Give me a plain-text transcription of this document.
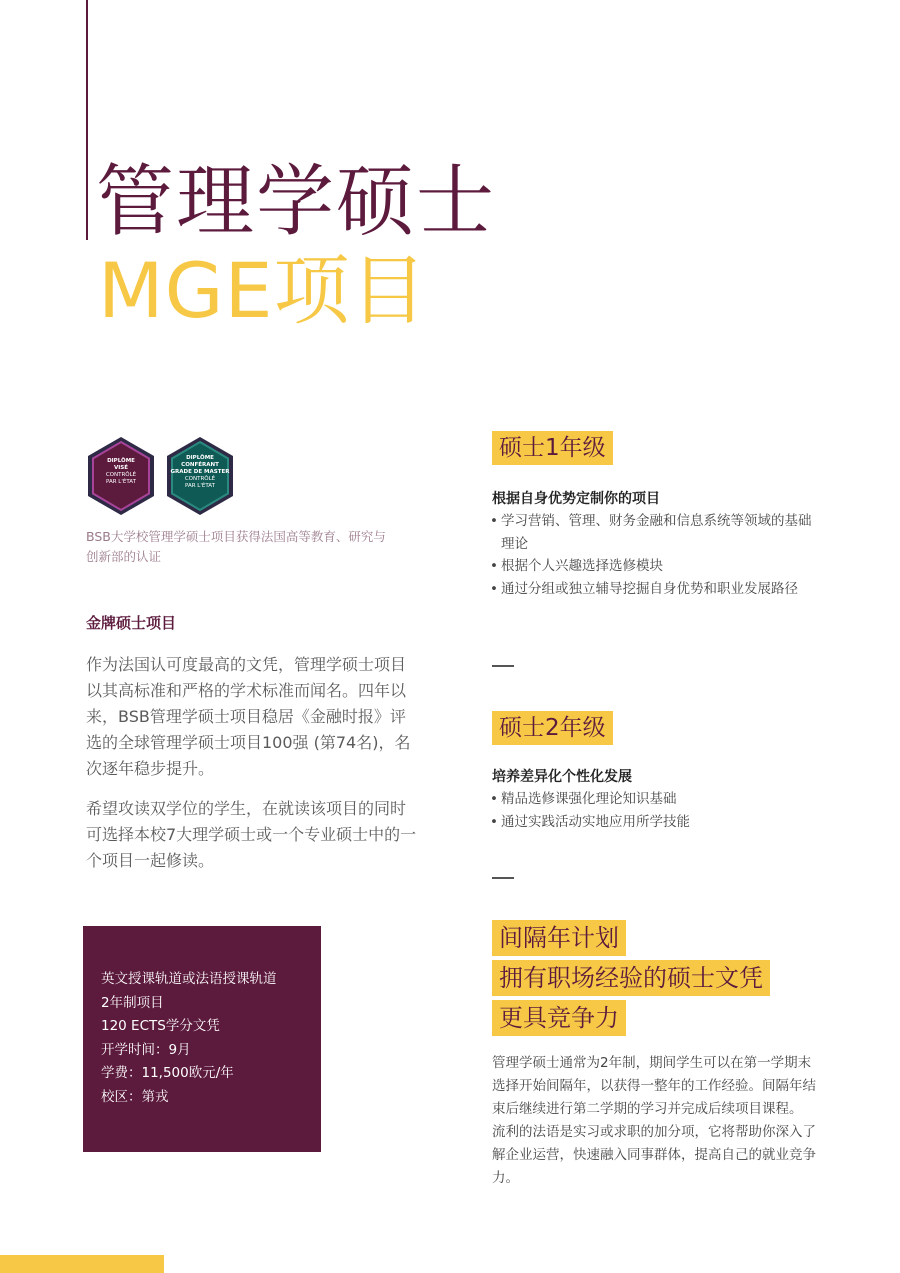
管理学硕士
MGE项目
DIPLÔME
VISÉ
CONTRÔLÉ
PAR L'ÉTAT
DIPLÔME
CONFÉRANT
GRADE DE MASTER
CONTRÔLÉ
PAR L'ÉTAT
BSB大学校管理学硕士项目获得法国高等教育、研究与创新部的认证
金牌硕士项目
作为法国认可度最高的文凭，管理学硕士项目以其高标准和严格的学术标准而闻名。四年以来，BSB管理学硕士项目稳居《金融时报》评选的全球管理学硕士项目100强 (第74名)，名次逐年稳步提升。
希望攻读双学位的学生，在就读该项目的同时可选择本校7大理学硕士或一个专业硕士中的一个项目一起修读。
英文授课轨道或法语授课轨道
2年制项目
120 ECTS学分文凭
开学时间：9月
学费：11,500欧元/年
校区：第戎
硕士1年级
根据自身优势定制你的项目
• 学习营销、管理、财务金融和信息系统等领域的基础理论
• 根据个人兴趣选择选修模块
• 通过分组或独立辅导挖掘自身优势和职业发展路径
硕士2年级
培养差异化个性化发展
• 精品选修课强化理论知识基础
• 通过实践活动实地应用所学技能
间隔年计划
拥有职场经验的硕士文凭
更具竞争力

管理学硕士通常为2年制，期间学生可以在第一学期末选择开始间隔年，以获得一整年的工作经验。间隔年结束后继续进行第二学期的学习并完成后续项目课程。

流利的法语是实习或求职的加分项，它将帮助你深入了解企业运营，快速融入同事群体，提高自己的就业竞争力。
